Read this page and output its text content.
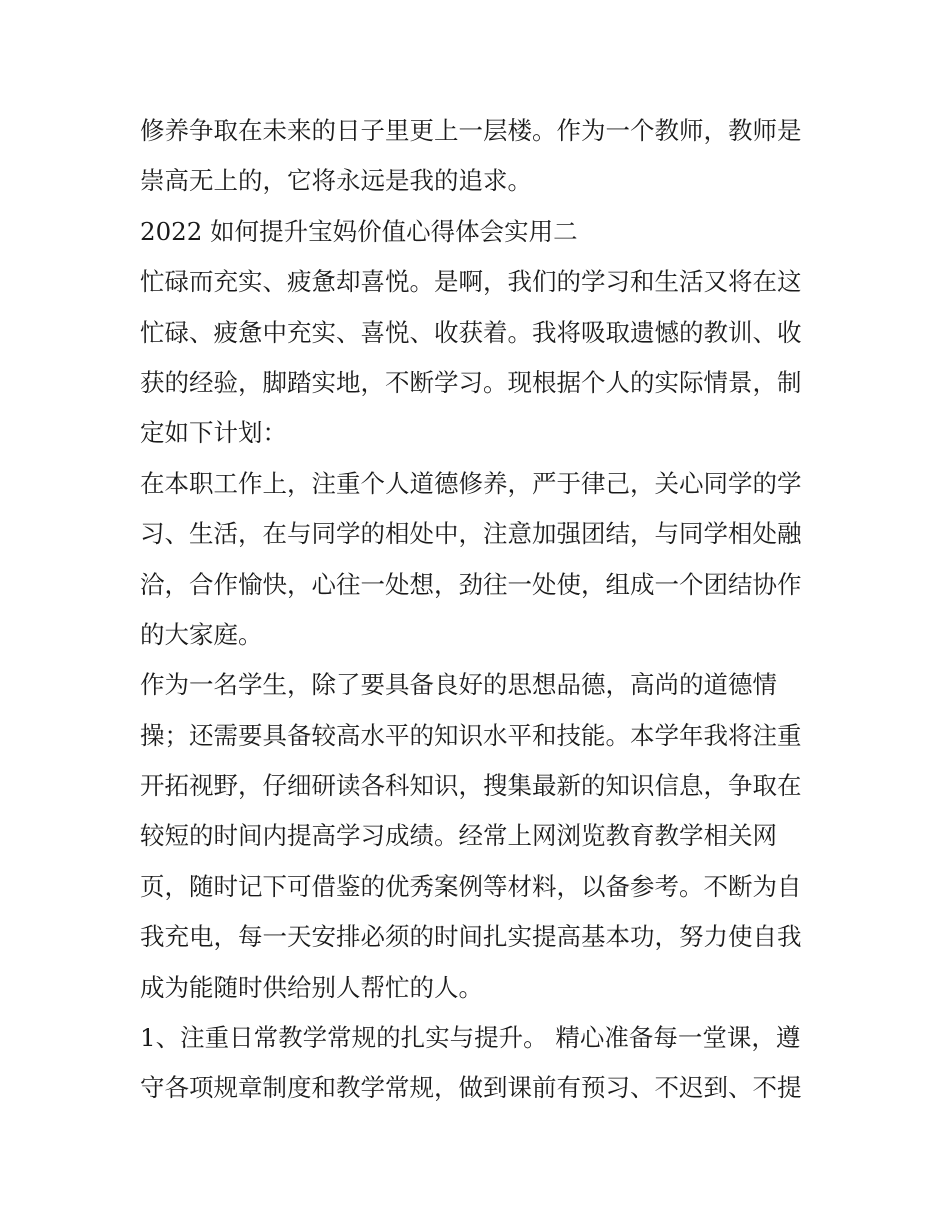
修养争取在未来的日子里更上一层楼。作为一个教师，教师是
崇高无上的，它将永远是我的追求。
2022 如何提升宝妈价值心得体会实用二
忙碌而充实、疲惫却喜悦。是啊，我们的学习和生活又将在这
忙碌、疲惫中充实、喜悦、收获着。我将吸取遗憾的教训、收
获的经验，脚踏实地，不断学习。现根据个人的实际情景，制
定如下计划：
在本职工作上，注重个人道德修养，严于律己，关心同学的学
习、生活，在与同学的相处中，注意加强团结，与同学相处融
洽，合作愉快，心往一处想，劲往一处使，组成一个团结协作
的大家庭。
作为一名学生，除了要具备良好的思想品德，高尚的道德情
操；还需要具备较高水平的知识水平和技能。本学年我将注重
开拓视野，仔细研读各科知识，搜集最新的知识信息，争取在
较短的时间内提高学习成绩。经常上网浏览教育教学相关网
页，随时记下可借鉴的优秀案例等材料，以备参考。不断为自
我充电，每一天安排必须的时间扎实提高基本功，努力使自我
成为能随时供给别人帮忙的人。
1、注重日常教学常规的扎实与提升。 精心准备每一堂课，遵
守各项规章制度和教学常规，做到课前有预习、不迟到、不提
